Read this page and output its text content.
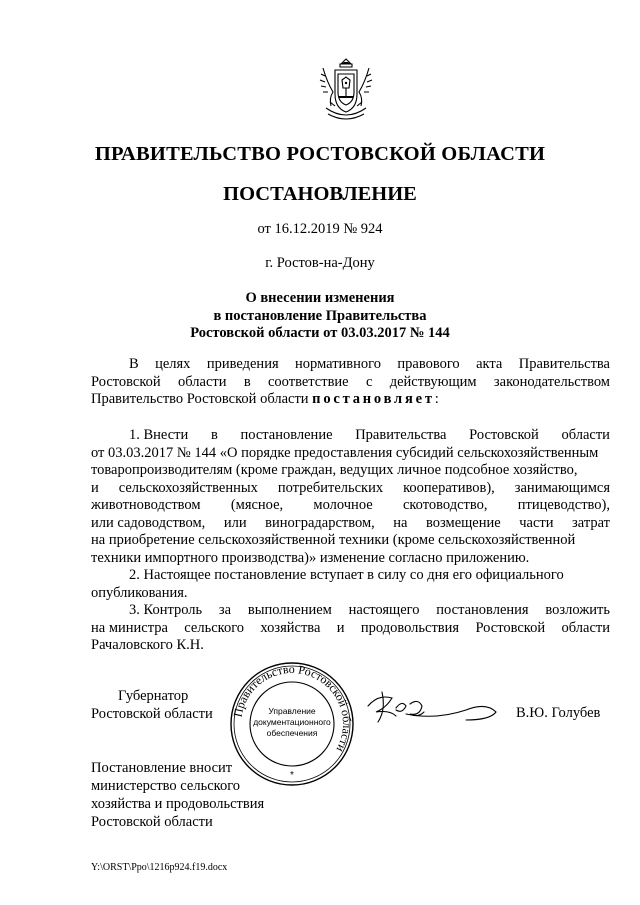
ПРАВИТЕЛЬСТВО РОСТОВСКОЙ ОБЛАСТИ
ПОСТАНОВЛЕНИЕ
от 16.12.2019 № 924
г. Ростов-на-Дону
О внесении изменения
в постановление Правительства
Ростовской области от 03.03.2017 № 144
В целях приведения нормативного правового акта Правительства
Ростовской области в соответствие с действующим законодательством
Правительство Ростовской области постановляет:
1. Внести в постановление Правительства Ростовской области
от 03.03.2017 № 144 «О порядке предоставления субсидий сельскохозяйственным
товаропроизводителям (кроме граждан, ведущих личное подсобное хозяйство,
и сельскохозяйственных потребительских кооперативов), занимающимся
животноводством (мясное, молочное скотоводство, птицеводство),
или садоводством, или виноградарством, на возмещение части затрат
на приобретение сельскохозяйственной техники (кроме сельскохозяйственной
техники импортного производства)» изменение согласно приложению.
2. Настоящее постановление вступает в силу со дня его официального
опубликования.
3. Контроль за выполнением настоящего постановления возложить
на министра сельского хозяйства и продовольствия Ростовской области
Рачаловского К.Н.
Губернатор
Ростовской области Правительство Ростовской области
Управление
документационного
обеспечения
*
В.Ю. Голубев
Постановление вносит
министерство сельского
хозяйства и продовольствия
Ростовской области
Y:\ORST\Ppo\1216p924.f19.docx
